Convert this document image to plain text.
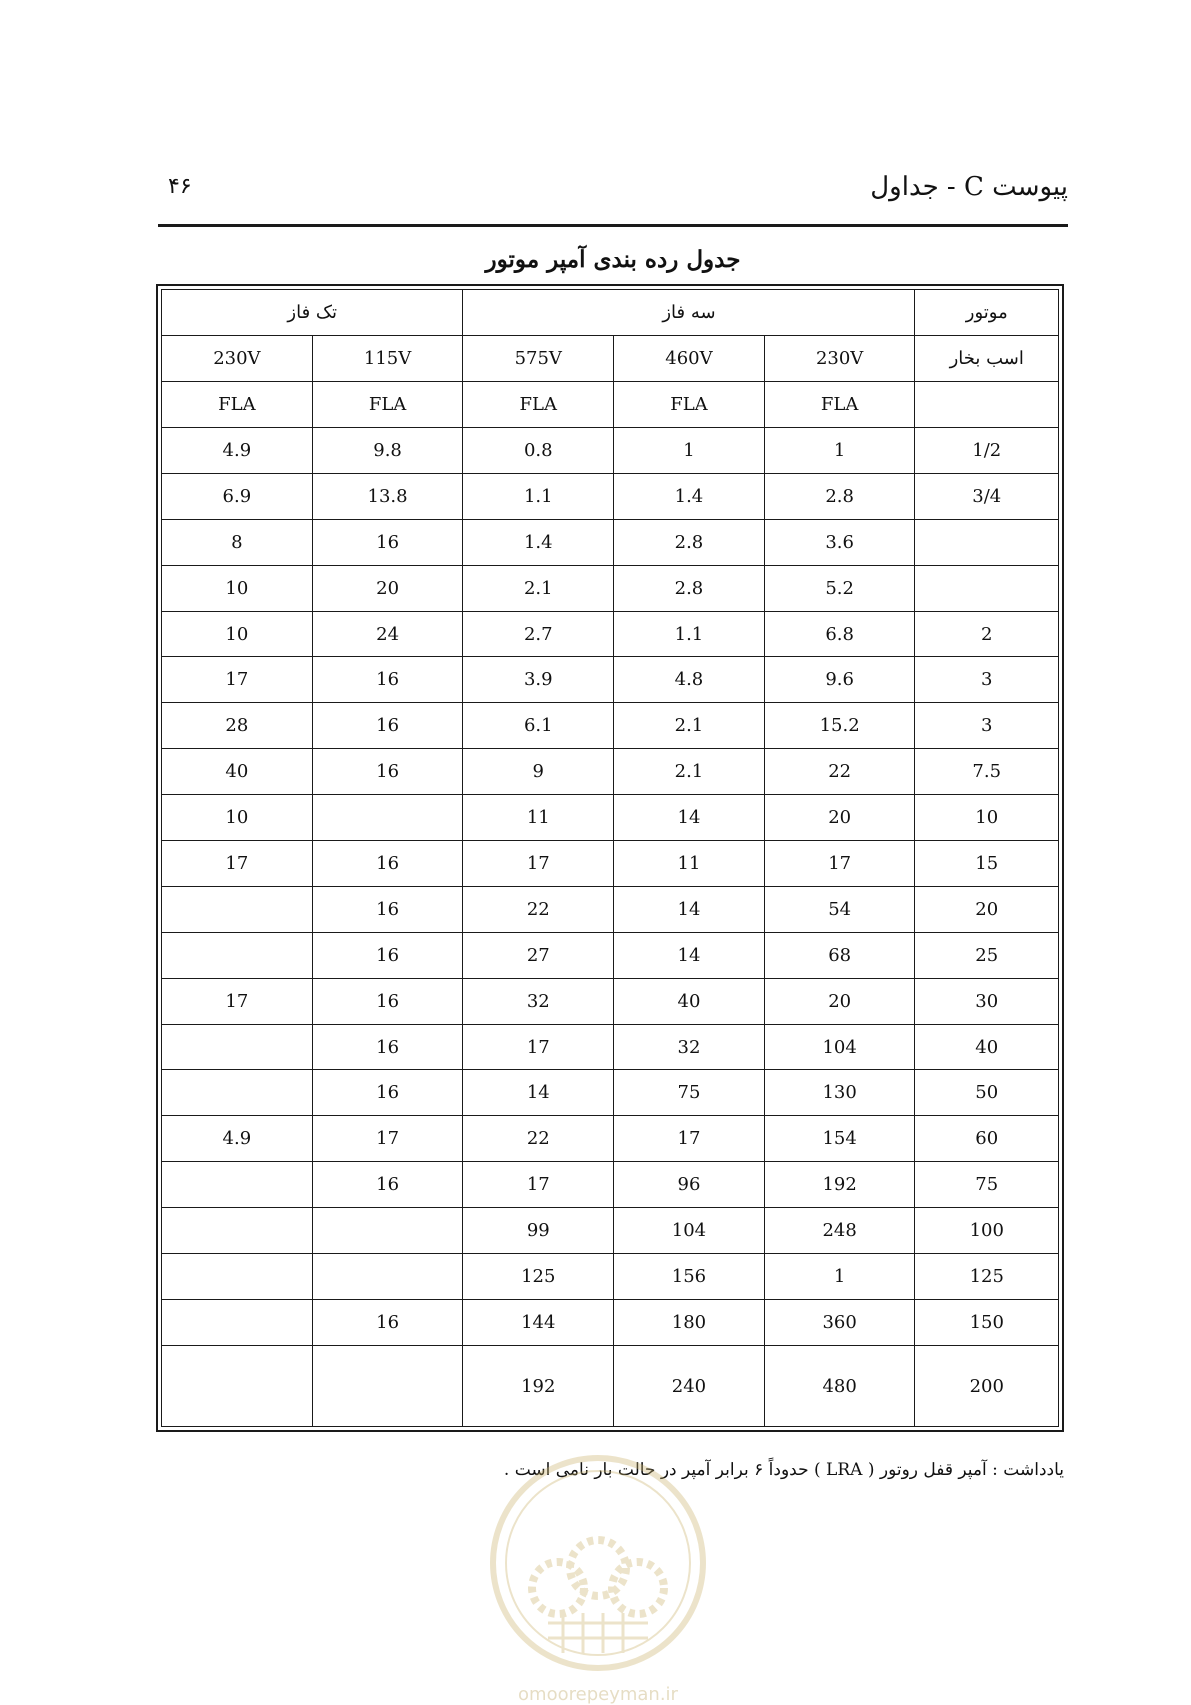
۴۶	پیوست C - جداول
جدول رده بندی آمپر موتور
موتور	سه فاز			تک فاز	
اسب بخار	230V	460V	575V	115V	230V
	FLA	FLA	FLA	FLA	FLA
1/2	1	1	0.8	9.8	4.9
3/4	2.8	1.4	1.1	13.8	6.9
	3.6	2.8	1.4	16	8
	5.2	2.8	2.1	20	10
2	6.8	1.1	2.7	24	10
3	9.6	4.8	3.9	16	17
3	15.2	2.1	6.1	16	28
7.5	22	2.1	9	16	40
10	20	14	11		10
15	17	11	17	16	17
20	54	14	22	16	
25	68	14	27	16	
30	20	40	32	16	17
40	104	32	17	16	
50	130	75	14	16	
60	154	17	22	17	4.9
75	192	96	17	16	
100	248	104	99		
125	1	156	125		
150	360	180	144	16	
200	480	240	192		
یادداشت : آمپر قفل روتور ( LRA ) حدوداً ۶ برابر آمپر در حالت بار نامی است .
omoorepeyman.ir
